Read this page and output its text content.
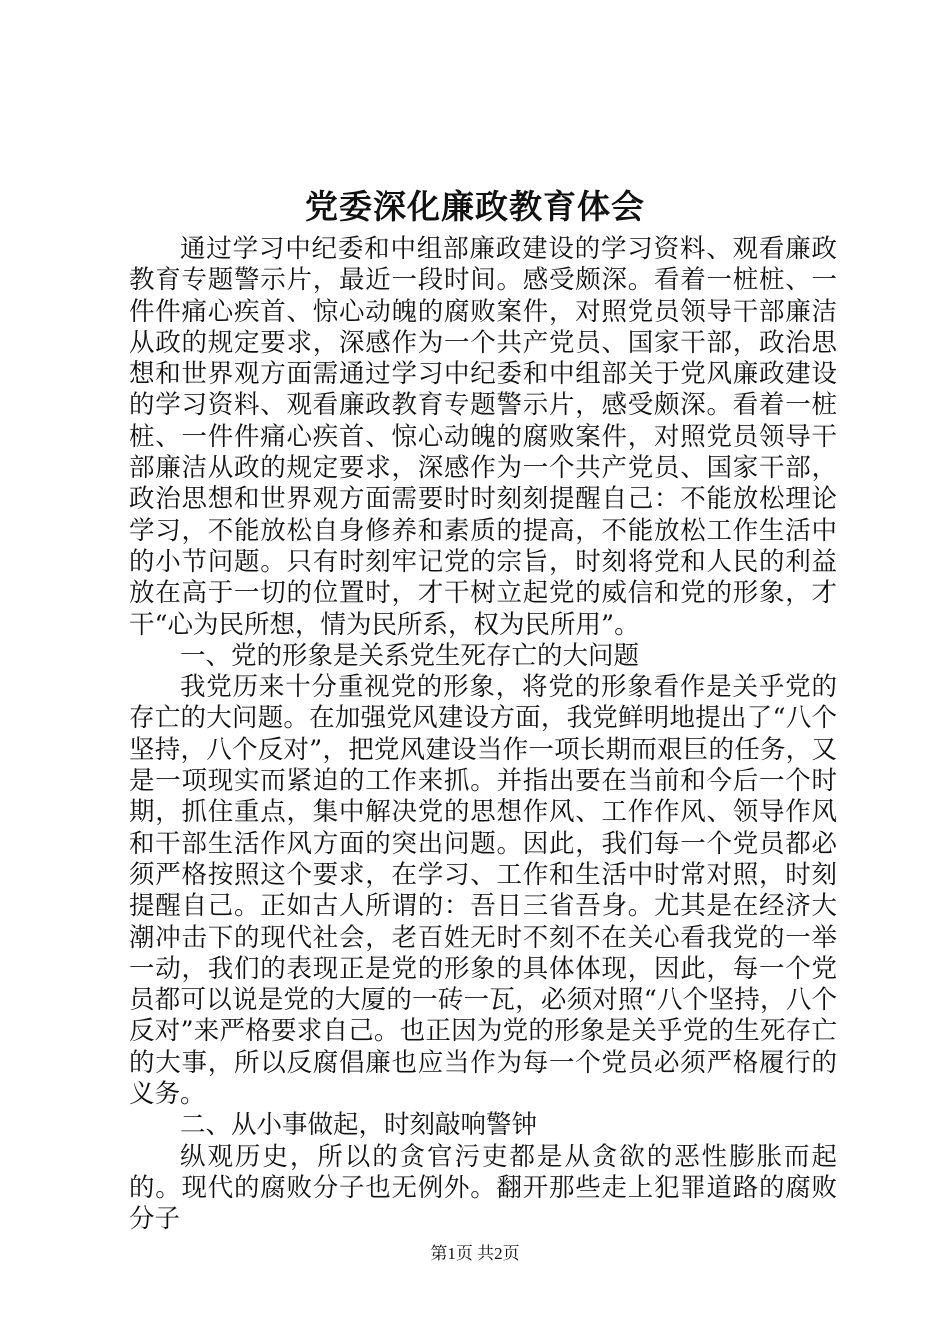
党委深化廉政教育体会

通过学习中纪委和中组部廉政建设的学习资料、观看廉政教育专题警示片，最近一段时间。感受颇深。看着一桩桩、一件件痛心疾首、惊心动魄的腐败案件，对照党员领导干部廉洁从政的规定要求，深感作为一个共产党员、国家干部，政治思想和世界观方面需通过学习中纪委和中组部关于党风廉政建设的学习资料、观看廉政教育专题警示片，感受颇深。看着一桩桩、一件件痛心疾首、惊心动魄的腐败案件，对照党员领导干部廉洁从政的规定要求，深感作为一个共产党员、国家干部，政治思想和世界观方面需要时时刻刻提醒自己：不能放松理论学习，不能放松自身修养和素质的提高，不能放松工作生活中的小节问题。只有时刻牢记党的宗旨，时刻将党和人民的利益放在高于一切的位置时，才干树立起党的威信和党的形象，才干“心为民所想，情为民所系，权为民所用”。

一、党的形象是关系党生死存亡的大问题

我党历来十分重视党的形象，将党的形象看作是关乎党的存亡的大问题。在加强党风建设方面，我党鲜明地提出了“八个坚持，八个反对”，把党风建设当作一项长期而艰巨的任务，又是一项现实而紧迫的工作来抓。并指出要在当前和今后一个时期，抓住重点，集中解决党的思想作风、工作作风、领导作风和干部生活作风方面的突出问题。因此，我们每一个党员都必须严格按照这个要求，在学习、工作和生活中时常对照，时刻提醒自己。正如古人所谓的：吾日三省吾身。尤其是在经济大潮冲击下的现代社会，老百姓无时不刻不在关心看我党的一举一动，我们的表现正是党的形象的具体体现，因此，每一个党员都可以说是党的大厦的一砖一瓦，必须对照“八个坚持，八个反对”来严格要求自己。也正因为党的形象是关乎党的生死存亡的大事，所以反腐倡廉也应当作为每一个党员必须严格履行的义务。

二、从小事做起，时刻敲响警钟

纵观历史，所以的贪官污吏都是从贪欲的恶性膨胀而起的。现代的腐败分子也无例外。翻开那些走上犯罪道路的腐败分子

第1页 共2页
